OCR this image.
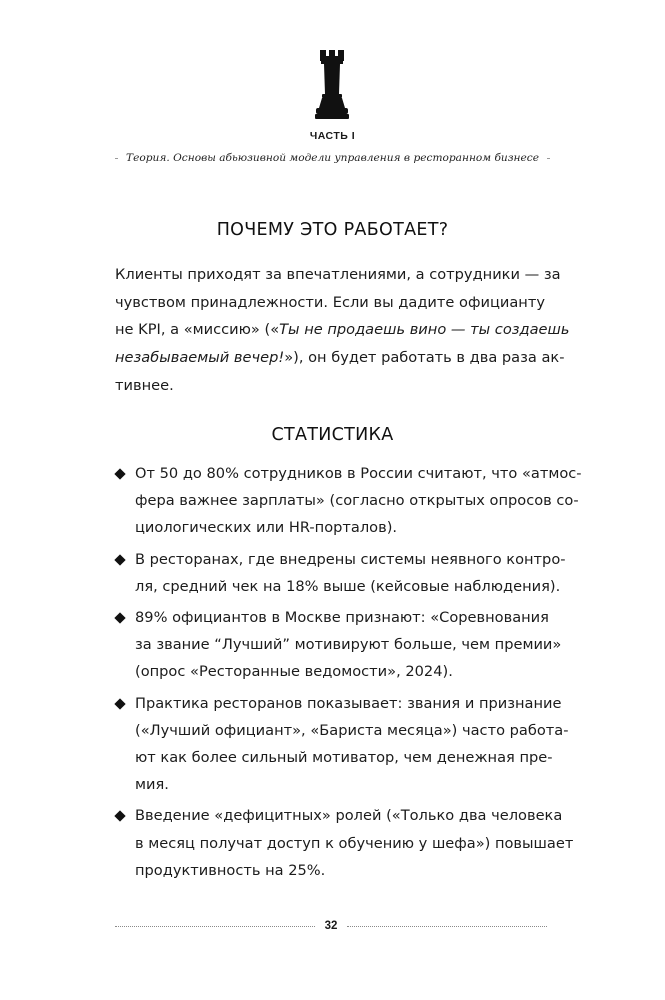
ЧАСТЬ I
Теория. Основы абьюзивной модели управления в ресторанном бизнесе
ПОЧЕМУ ЭТО РАБОТАЕТ?
Клиенты приходят за впечатлениями, а сотрудники — за
чувством принадлежности. Если вы дадите официанту
не KPI, а «миссию» («Ты не продаешь вино — ты создаешь
незабываемый вечер!»), он будет работать в два раза ак-
тивнее.
СТАТИСТИКА
От 50 до 80% сотрудников в России считают, что «атмос-
фера важнее зарплаты» (согласно открытых опросов со-
циологических или HR-порталов).
В ресторанах, где внедрены системы неявного контро-
ля, средний чек на 18% выше (кейсовые наблюдения).
89% официантов в Москве признают: «Соревнования
за звание “Лучший” мотивируют больше, чем премии»
(опрос «Ресторанные ведомости», 2024).
Практика ресторанов показывает: звания и признание
(«Лучший официант», «Бариста месяца») часто работа-
ют как более сильный мотиватор, чем денежная пре-
мия.
Введение «дефицитных» ролей («Только два человека
в месяц получат доступ к обучению у шефа») повышает
продуктивность на 25%.
32
